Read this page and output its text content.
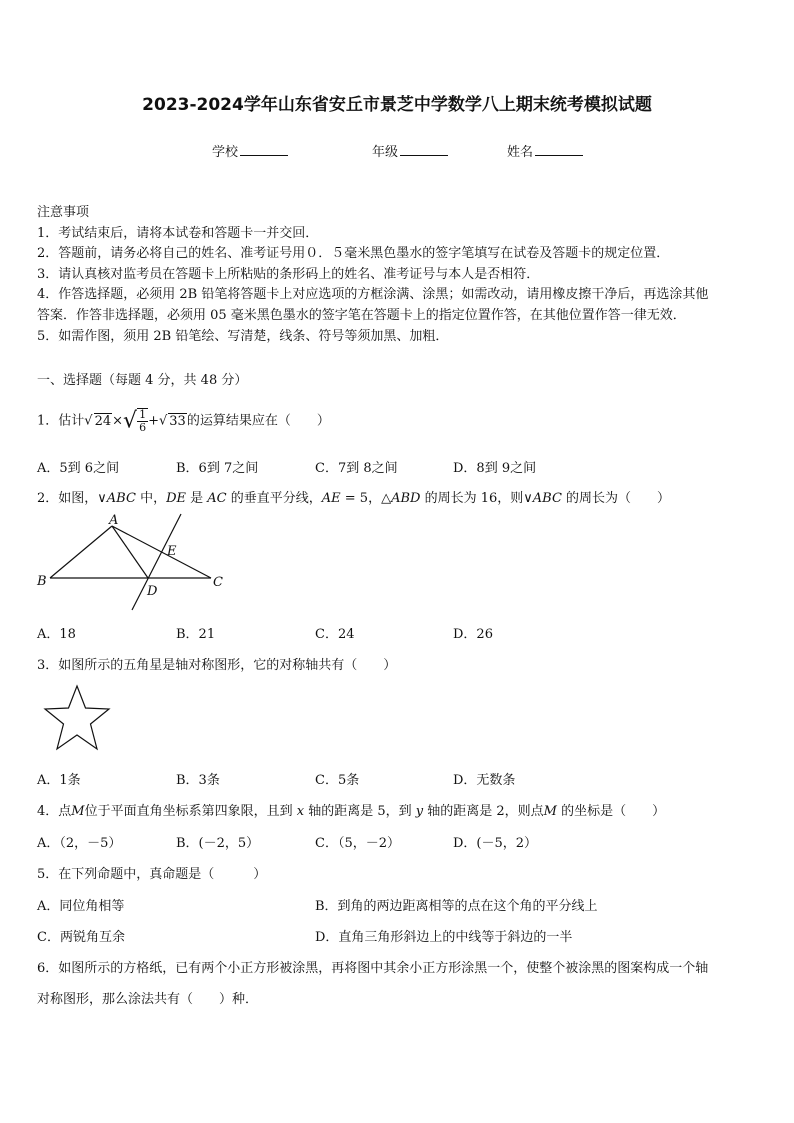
2023-2024学年山东省安丘市景芝中学数学八上期末统考模拟试题
学校	年级	姓名
注意事项
1．考试结束后，请将本试卷和答题卡一并交回．
2．答题前，请务必将自己的姓名、准考证号用０．５毫米黑色墨水的签字笔填写在试卷及答题卡的规定位置．
3．请认真核对监考员在答题卡上所粘贴的条形码上的姓名、准考证号与本人是否相符．
4．作答选择题，必须用 2B 铅笔将答题卡上对应选项的方框涂满、涂黑；如需改动，请用橡皮擦干净后，再选涂其他
答案．作答非选择题，必须用 05 毫米黑色墨水的签字笔在答题卡上的指定位置作答，在其他位置作答一律无效．
5．如需作图，须用 2B 铅笔绘、写清楚，线条、符号等须加黑、加粗．
一、选择题（每题 4 分，共 48 分）
1．估计√ $24\times√ \frac{1}{6}$ +√ 33的运算结果应在（　　）
A．5到 6之间	B．6到 7之间	C．7到 8之间	D．8到 9之间
2．如图，∨ABC 中，DE 是 AC 的垂直平分线，AE = 5，△ABD 的周长为 16，则∨ABC 的周长为（　　）
A
B	C
D
E
A．18	B．21	C．24	D．26
3．如图所示的五角星是轴对称图形，它的对称轴共有（　　）
A．1条	B．3条	C．5条	D．无数条
4．点M位于平面直角坐标系第四象限，且到 x 轴的距离是 5，到 y 轴的距离是 2，则点M 的坐标是（　　）
A．（2，－5）	B．(－2，5）	C．（5，－2）	D．(－5，2）
5．在下列命题中，真命题是（　　　）
A．同位角相等	B．到角的两边距离相等的点在这个角的平分线上
C．两锐角互余	D．直角三角形斜边上的中线等于斜边的一半
6．如图所示的方格纸，已有两个小正方形被涂黑，再将图中其余小正方形涂黑一个，使整个被涂黑的图案构成一个轴
对称图形，那么涂法共有（　　）种．
